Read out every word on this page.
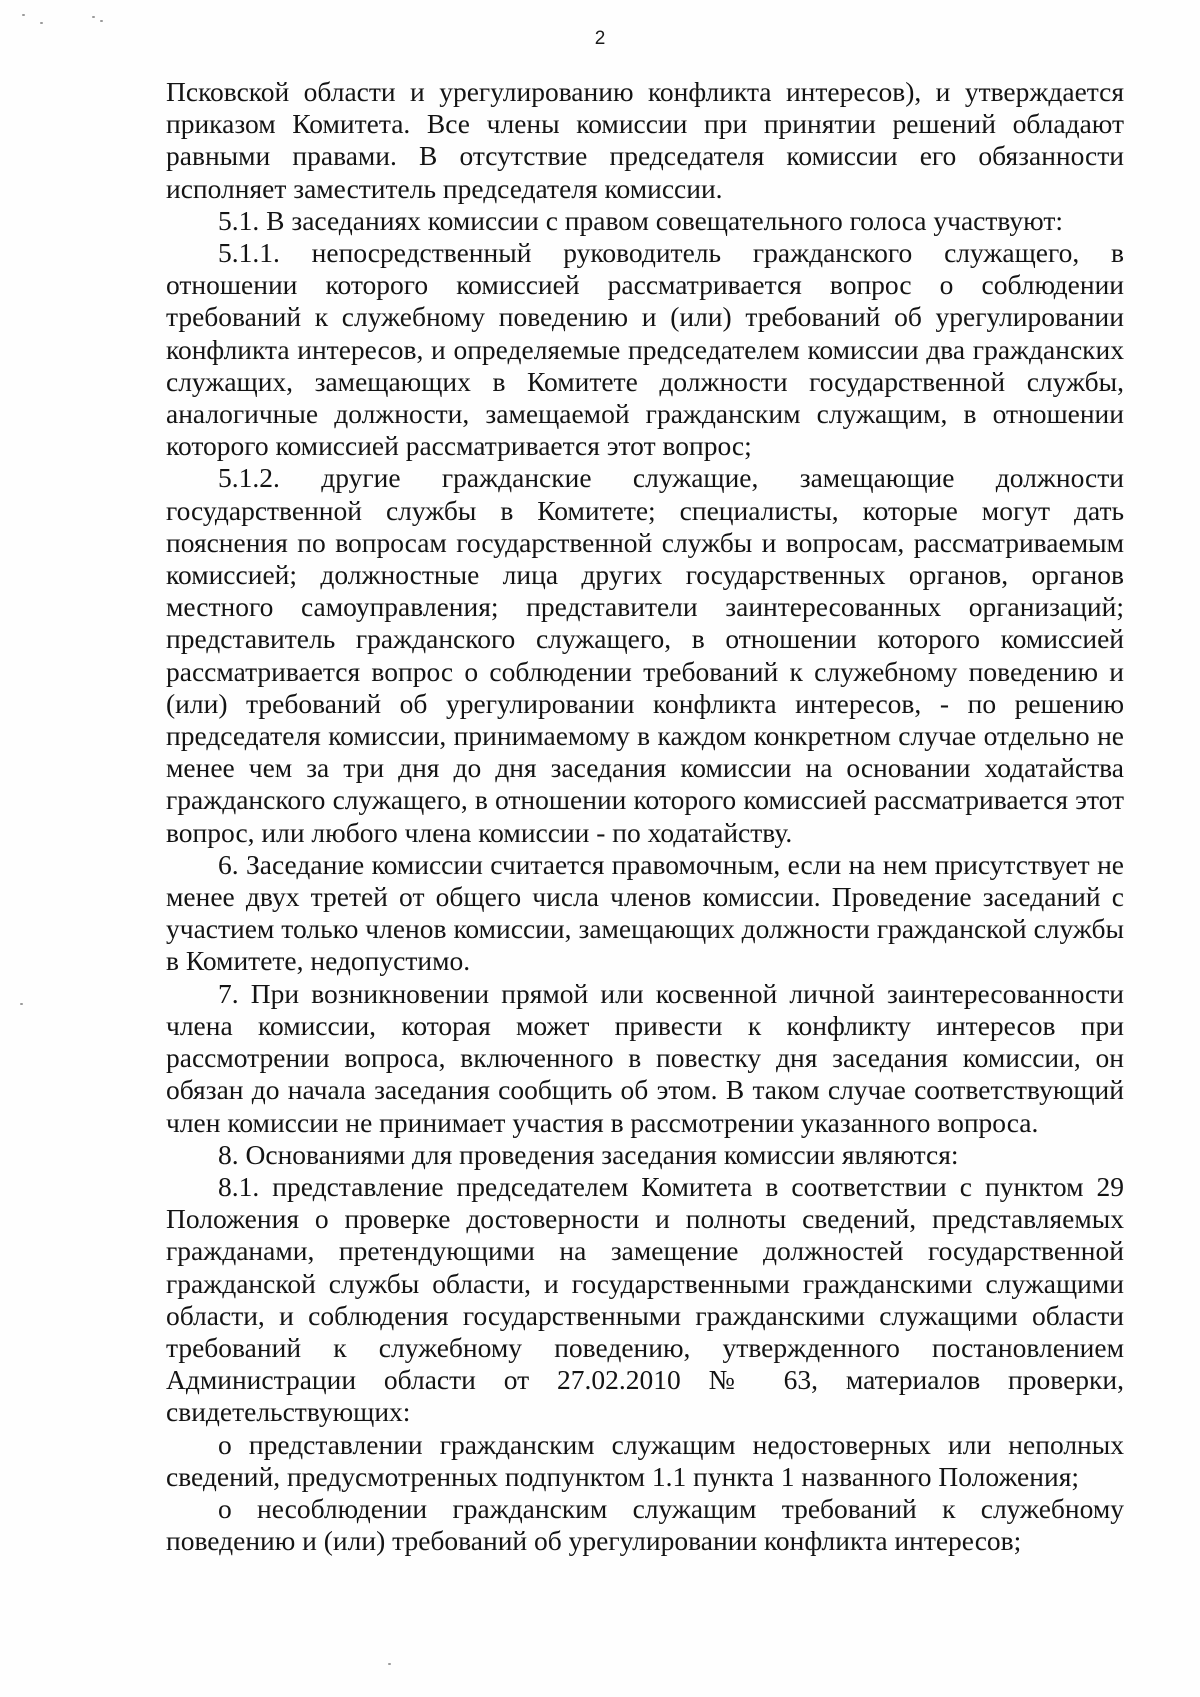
2

Псковской области и урегулированию конфликта интересов), и утверждается приказом Комитета. Все члены комиссии при принятии решений обладают равными правами. В отсутствие председателя комиссии его обязанности исполняет заместитель председателя комиссии.

5.1. В заседаниях комиссии с правом совещательного голоса участвуют:

5.1.1. непосредственный руководитель гражданского служащего, в отношении которого комиссией рассматривается вопрос о соблюдении требований к служебному поведению и (или) требований об урегулировании конфликта интересов, и определяемые председателем комиссии два гражданских служащих, замещающих в Комитете должности государственной службы, аналогичные должности, замещаемой гражданским служащим, в отношении которого комиссией рассматривается этот вопрос;

5.1.2. другие гражданские служащие, замещающие должности государственной службы в Комитете; специалисты, которые могут дать пояснения по вопросам государственной службы и вопросам, рассматриваемым комиссией; должностные лица других государственных органов, органов местного самоуправления; представители заинтересованных организаций; представитель гражданского служащего, в отношении которого комиссией рассматривается вопрос о соблюдении требований к служебному поведению и (или) требований об урегулировании конфликта интересов, - по решению председателя комиссии, принимаемому в каждом конкретном случае отдельно не менее чем за три дня до дня заседания комиссии на основании ходатайства гражданского служащего, в отношении которого комиссией рассматривается этот вопрос, или любого члена комиссии - по ходатайству.

6. Заседание комиссии считается правомочным, если на нем присутствует не менее двух третей от общего числа членов комиссии. Проведение заседаний с участием только членов комиссии, замещающих должности гражданской службы в Комитете, недопустимо.

7. При возникновении прямой или косвенной личной заинтересованности члена комиссии, которая может привести к конфликту интересов при рассмотрении вопроса, включенного в повестку дня заседания комиссии, он обязан до начала заседания сообщить об этом. В таком случае соответствующий член комиссии не принимает участия в рассмотрении указанного вопроса.

8. Основаниями для проведения заседания комиссии являются:

8.1. представление председателем Комитета в соответствии с пунктом 29 Положения о проверке достоверности и полноты сведений, представляемых гражданами, претендующими на замещение должностей государственной гражданской службы области, и государственными гражданскими служащими области, и соблюдения государственными гражданскими служащими области требований к служебному поведению, утвержденного постановлением Администрации области от 27.02.2010 № 63, материалов проверки, свидетельствующих:

о представлении гражданским служащим недостоверных или неполных сведений, предусмотренных подпунктом 1.1 пункта 1 названного Положения;

о несоблюдении гражданским служащим требований к служебному поведению и (или) требований об урегулировании конфликта интересов;
